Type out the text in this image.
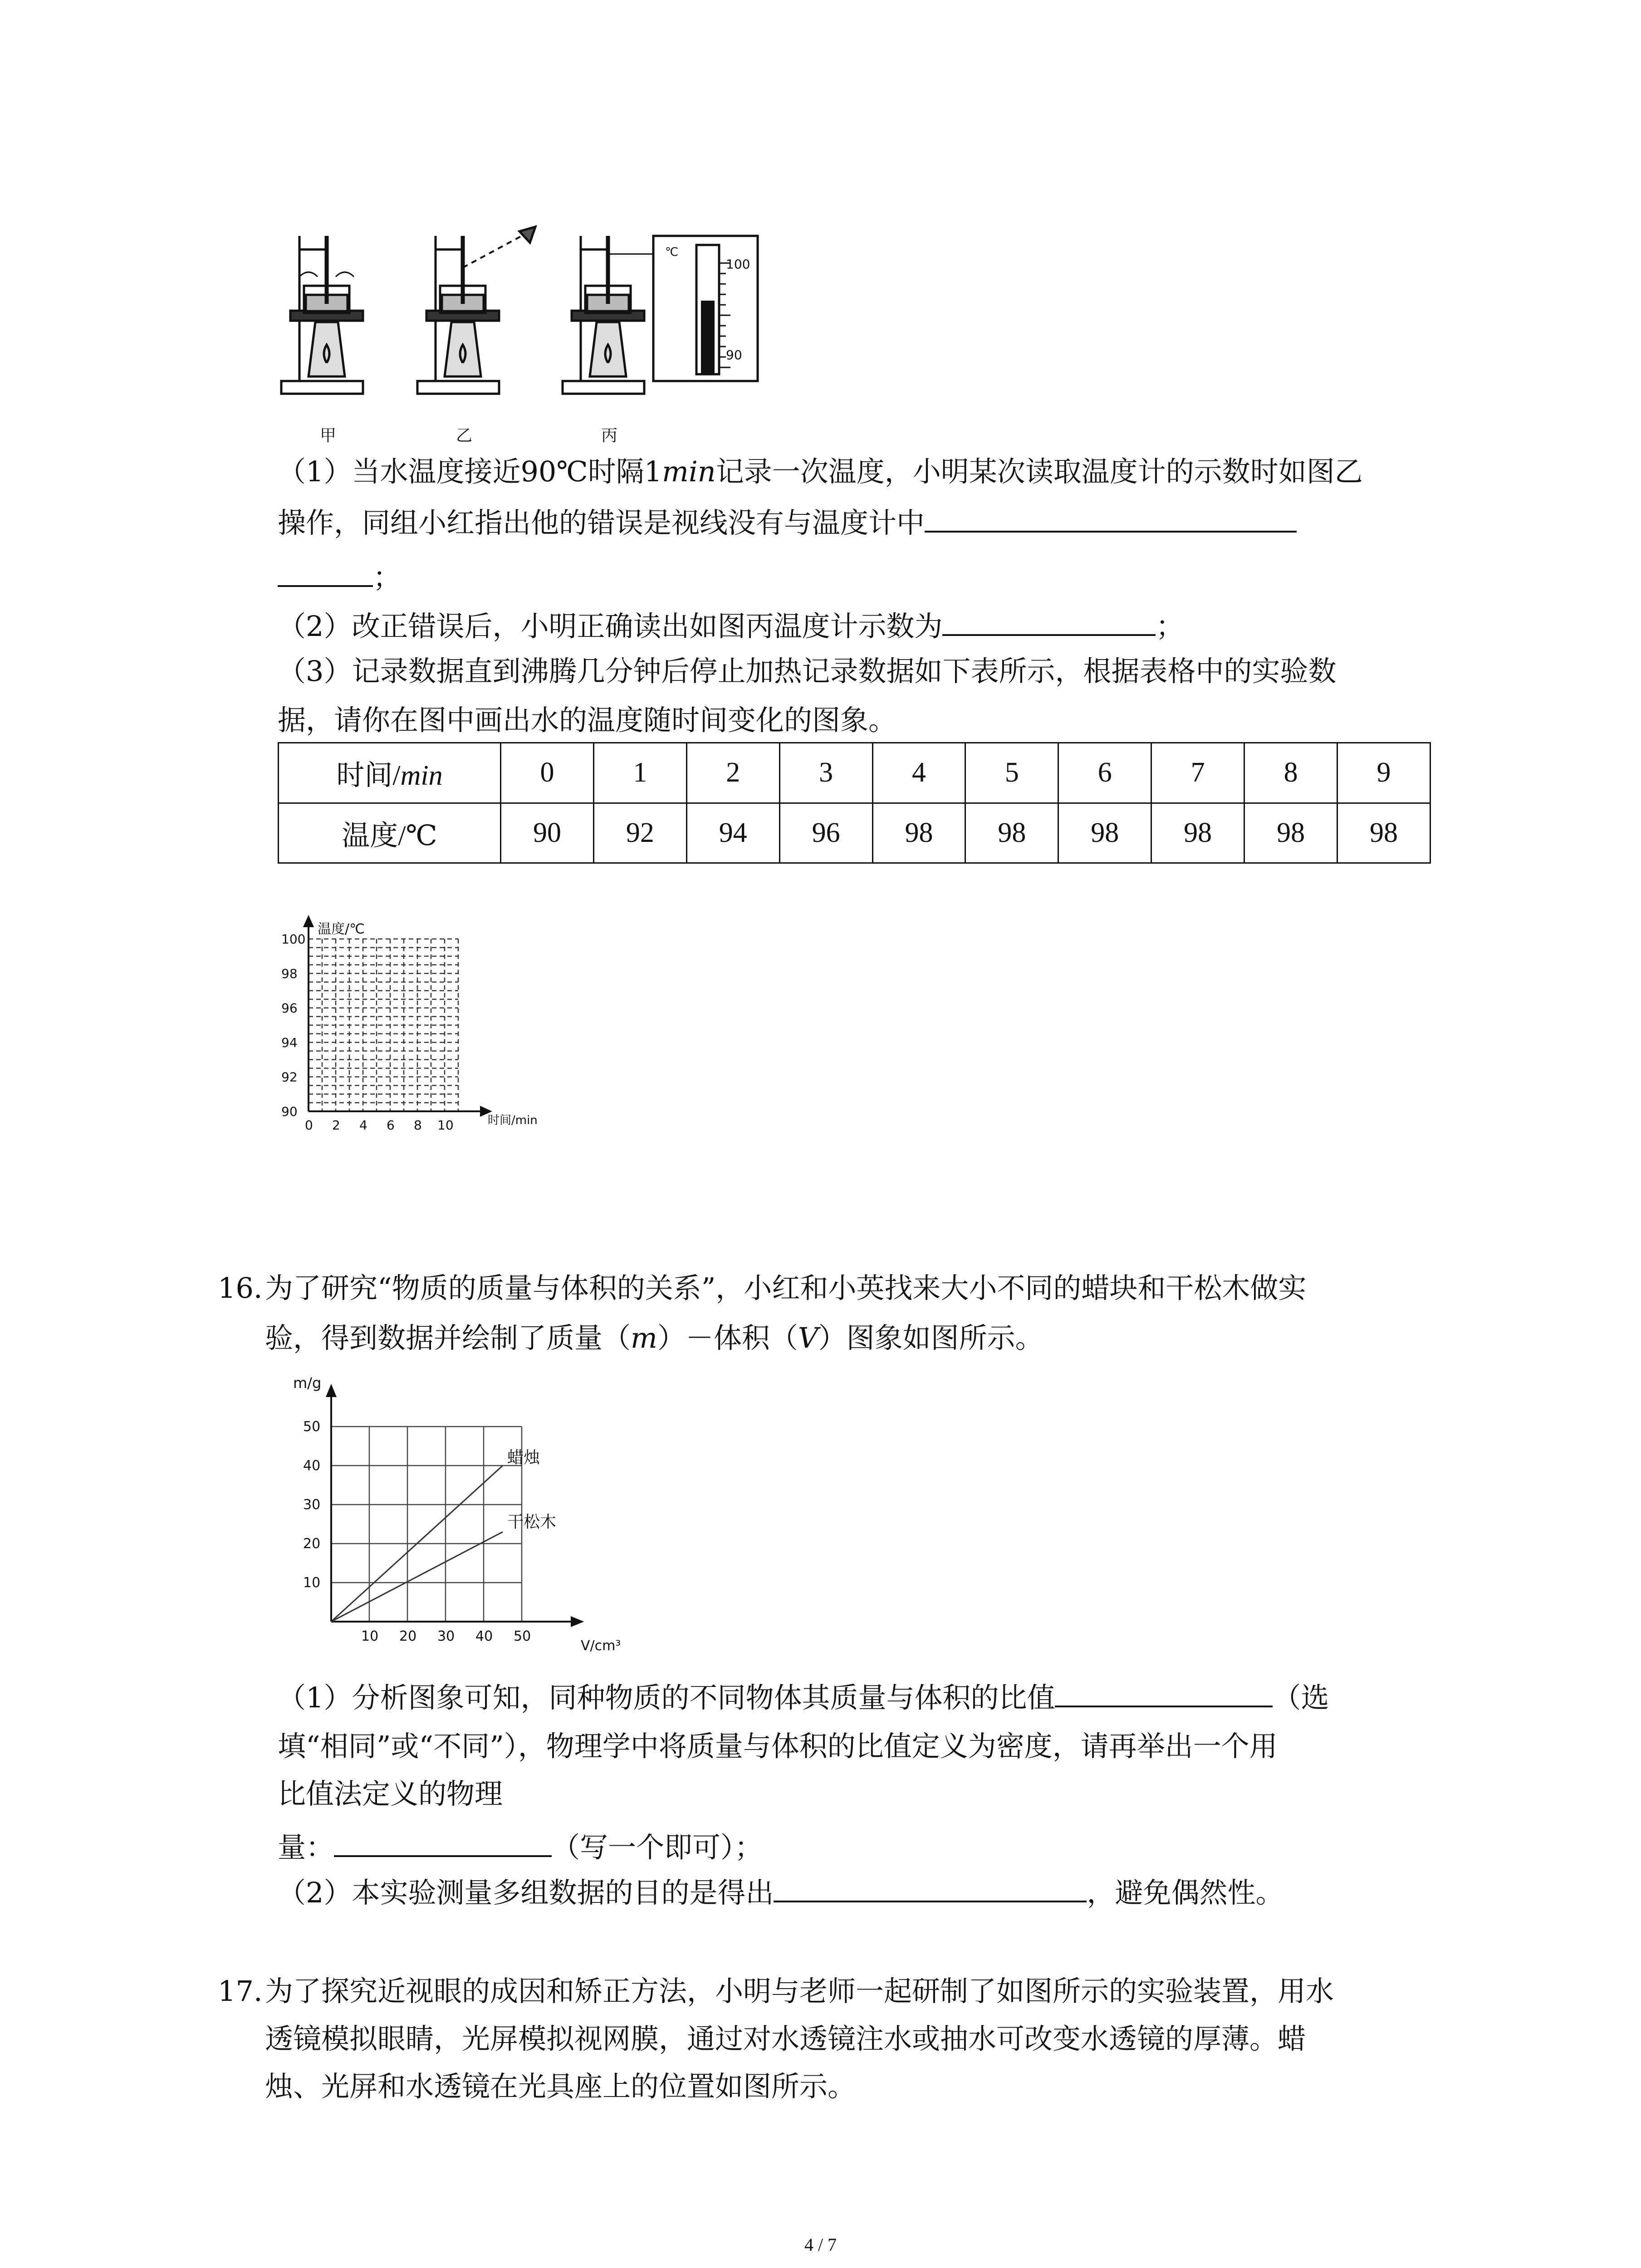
℃
100
90
甲	乙	丙
（1）当水温度接近90℃时隔1min记录一次温度，小明某次读取温度计的示数时如图乙
操作，同组小红指出他的错误是视线没有与温度计中
；
（2）改正错误后，小明正确读出如图丙温度计示数为	；
（3）记录数据直到沸腾几分钟后停止加热记录数据如下表所示，根据表格中的实验数
据，请你在图中画出水的温度随时间变化的图象。
时间/min	0	1	2	3	4	5	6	7	8	9
温度/℃	90	92	94	96	98	98	98	98	98	98
温度/℃
时间/min
100
98
96
94
92
90
0 2 4 6 8 10
16. 为了研究“物质的质量与体积的关系”，小红和小英找来大小不同的蜡块和干松木做实
验，得到数据并绘制了质量（m）－体积（V）图象如图所示。
10
20
30
40
50
10 20 30 40 50
蜡烛
干松木
m/g
V/cm³
（1）分析图象可知，同种物质的不同物体其质量与体积的比值	（选
填“相同”或“不同”），物理学中将质量与体积的比值定义为密度，请再举出一个用
比值法定义的物理
量：	（写一个即可）；
（2）本实验测量多组数据的目的是得出	，避免偶然性。
17. 为了探究近视眼的成因和矫正方法，小明与老师一起研制了如图所示的实验装置，用水
透镜模拟眼睛，光屏模拟视网膜，通过对水透镜注水或抽水可改变水透镜的厚薄。蜡
烛、光屏和水透镜在光具座上的位置如图所示。
4 / 7
